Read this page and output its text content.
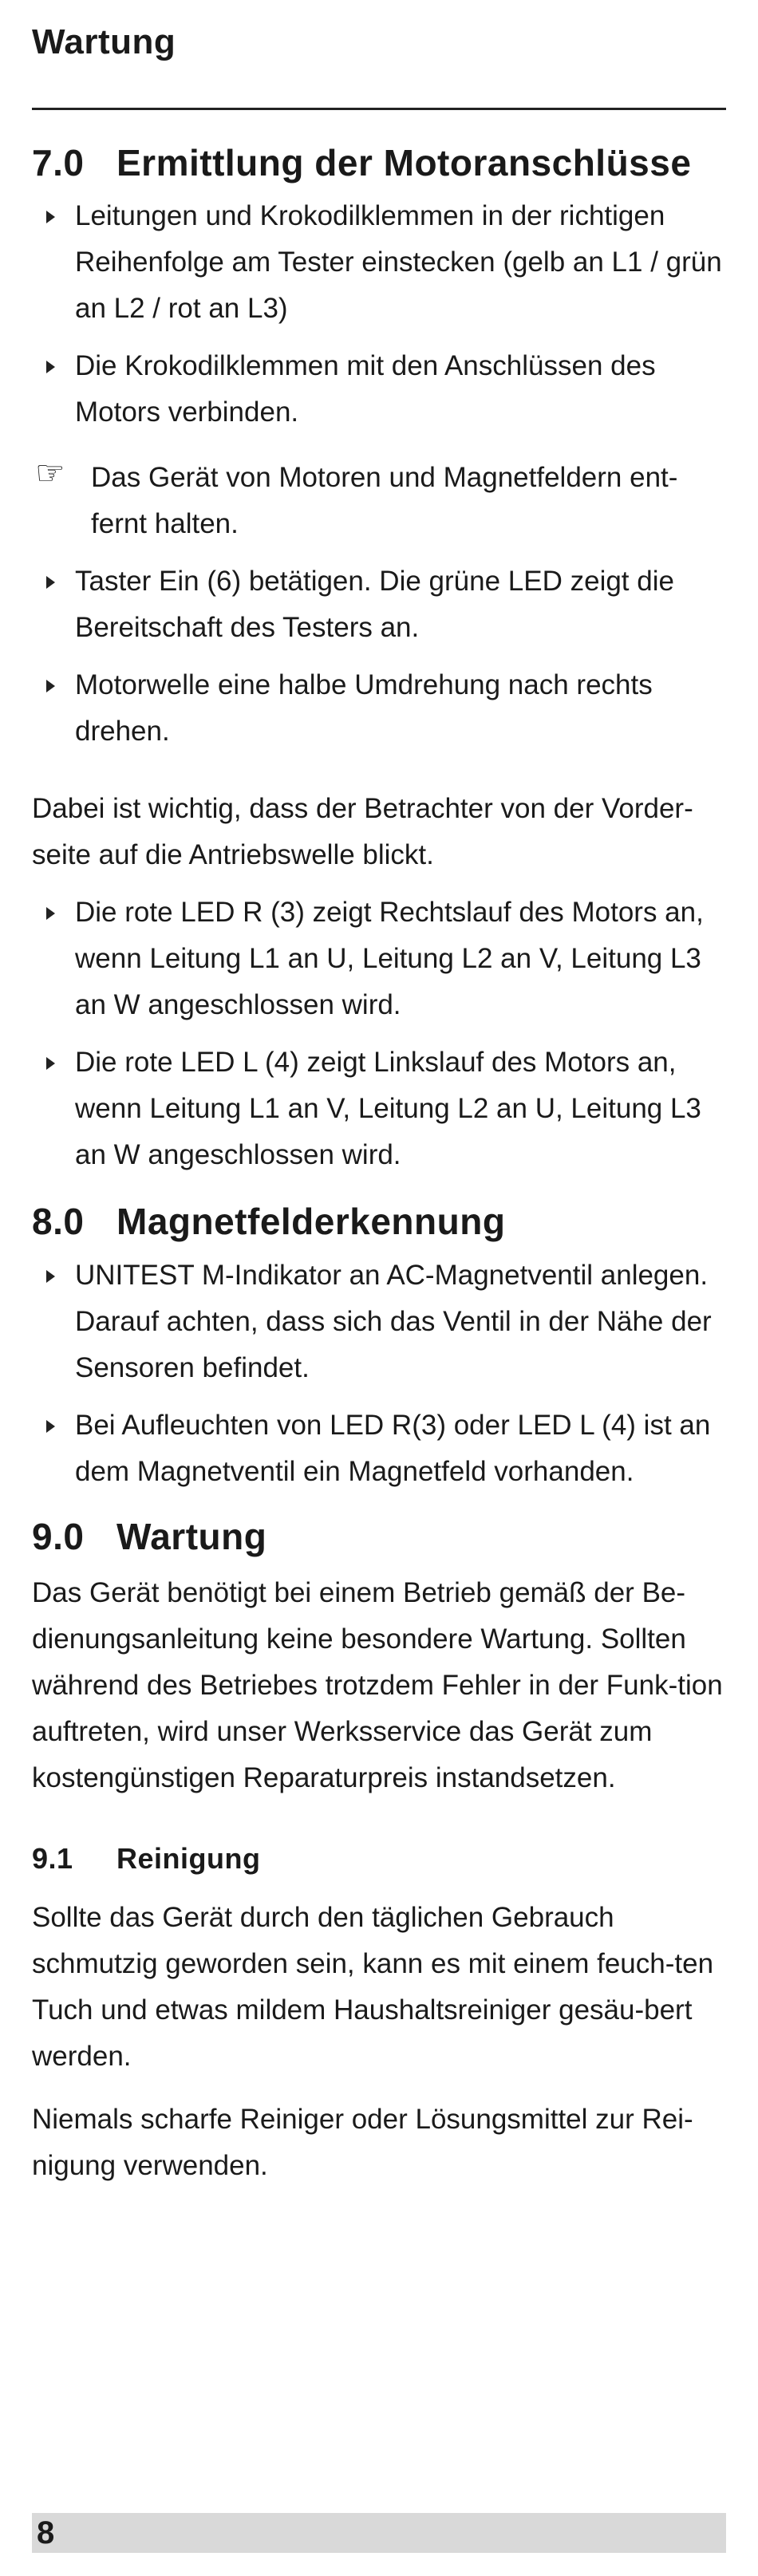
Wartung
7.0 Ermittlung der Motoranschlüsse
Leitungen und Krokodilklemmen in der richtigen Reihenfolge am Tester einstecken (gelb an L1 / grün an L2 / rot an L3)
Die Krokodilklemmen mit den Anschlüssen des Motors verbinden.
☞ Das Gerät von Motoren und Magnetfeldern ent-fernt halten.
Taster Ein (6) betätigen. Die grüne LED zeigt die Bereitschaft des Testers an.
Motorwelle eine halbe Umdrehung nach rechts drehen.

Dabei ist wichtig, dass der Betrachter von der Vorder-seite auf die Antriebswelle blickt.

Die rote LED R (3) zeigt Rechtslauf des Motors an, wenn Leitung L1 an U, Leitung L2 an V, Leitung L3 an W angeschlossen wird.
Die rote LED L (4) zeigt Linkslauf des Motors an, wenn Leitung L1 an V, Leitung L2 an U, Leitung L3 an W angeschlossen wird.
8.0 Magnetfelderkennung
UNITEST M-Indikator an AC-Magnetventil anlegen. Darauf achten, dass sich das Ventil in der Nähe der Sensoren befindet.
Bei Aufleuchten von LED R(3) oder LED L (4) ist an dem Magnetventil ein Magnetfeld vorhanden.
9.0 Wartung

Das Gerät benötigt bei einem Betrieb gemäß der Be-dienungsanleitung keine besondere Wartung. Sollten während des Betriebes trotzdem Fehler in der Funk-tion auftreten, wird unser Werksservice das Gerät zum kostengünstigen Reparaturpreis instandsetzen.

9.1	Reinigung

Sollte das Gerät durch den täglichen Gebrauch schmutzig geworden sein, kann es mit einem feuch-ten Tuch und etwas mildem Haushaltsreiniger gesäu-bert werden.

Niemals scharfe Reiniger oder Lösungsmittel zur Rei-nigung verwenden.

8
